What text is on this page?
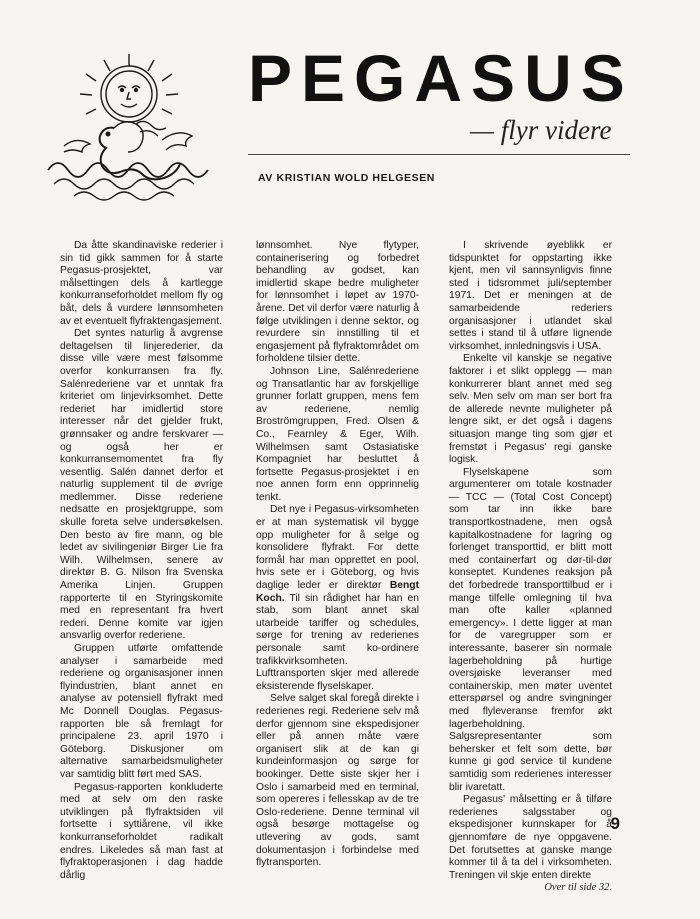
PEGASUS
— flyr videre
AV KRISTIAN WOLD HELGESEN

Da åtte skandinaviske rederier i sin tid gikk sammen for å starte Pegasus-prosjektet, var målsettingen dels å kartlegge konkurranseforholdet mellom fly og båt, dels å vurdere lønnsomheten av et eventuelt flyfraktengasjement.

Det syntes naturlig å avgrense deltagelsen til linjerederier, da disse ville være mest følsomme overfor konkurransen fra fly. Salénrederiene var et unntak fra kriteriet om linjevirksomhet. Dette rederiet har imidlertid store interesser når det gjelder frukt, grønnsaker og andre ferskvarer — og også her er konkurransemomentet fra fly vesentlig. Salén dannet derfor et naturlig supplement til de øvrige medlemmer. Disse rederiene nedsatte en prosjektgruppe, som skulle foreta selve undersøkelsen. Den besto av fire mann, og ble ledet av sivilingeniør Birger Lie fra Wilh. Wilhelmsen, senere av direktør B. G. Nilson fra Svenska Amerika Linjen. Gruppen rapporterte til en Styringskomite med en representant fra hvert rederi. Denne komite var igjen ansvarlig overfor rederiene.

Gruppen utførte omfattende analyser i samarbeide med rederiene og organisasjoner innen flyindustrien, blant annet en analyse av potensiell flyfrakt med Mc Donnell Douglas. Pegasus-rapporten ble så fremlagt for principalene 23. april 1970 i Göteborg. Diskusjoner om alternative samarbeidsmuligheter var samtidig blitt ført med SAS.

Pegasus-rapporten konkluderte med at selv om den raske utviklingen på flyfraktsiden vil fortsette i syttiårene, vil ikke konkurranseforholdet radikalt endres. Likeledes så man fast at flyfraktoperasjonen i dag hadde dårlig

lønnsomhet. Nye flytyper, containerisering og forbedret behandling av godset, kan imidlertid skape bedre muligheter for lønnsomhet i løpet av 1970-årene. Det vil derfor være naturlig å følge utviklingen i denne sektor, og revurdere sin innstilling til et engasjement på flyfraktområdet om forholdene tilsier dette.

Johnson Line, Salénrederiene og Transatlantic har av forskjellige grunner forlatt gruppen, mens fem av rederiene, nemlig Broströmgruppen, Fred. Olsen & Co., Fearnley & Eger, Wilh. Wilhelmsen samt Ostasiatiske Kompagniet har besluttet å fortsette Pegasus-prosjektet i en noe annen form enn opprinnelig tenkt.

Det nye i Pegasus-virksomheten er at man systematisk vil bygge opp muligheter for å selge og konsolidere flyfrakt. For dette formål har man opprettet en pool, hvis sete er i Göteborg, og hvis daglige leder er direktør Bengt Koch. Til sin rådighet har han en stab, som blant annet skal utarbeide tariffer og schedules, sørge for trening av rederienes personale samt ko-ordinere trafikkvirksomheten. Lufttransporten skjer med allerede eksisterende flyselskaper.

Selve salget skal foregå direkte i rederienes regi. Rederiene selv må derfor gjennom sine ekspedisjoner eller på annen måte være organisert slik at de kan gi kundeinformasjon og sørge for bookinger. Dette siste skjer her i Oslo i samarbeid med en terminal, som opereres i fellesskap av de tre Oslo-rederiene. Denne terminal vil også besørge mottagelse og utlevering av gods, samt dokumentasjon i forbindelse med flytransporten.

I skrivende øyeblikk er tidspunktet for oppstarting ikke kjent, men vil sannsynligvis finne sted i tidsrommet juli/september 1971. Det er meningen at de samarbeidende rederiers organisasjoner i utlandet skal settes i stand til å utføre lignende virksomhet, innledningsvis i USA.

Enkelte vil kanskje se negative faktorer i et slikt opplegg — man konkurrerer blant annet med seg selv. Men selv om man ser bort fra de allerede nevnte muligheter på lengre sikt, er det også i dagens situasjon mange ting som gjør et fremstøt i Pegasus' regi ganske logisk.

Flyselskapene som argumenterer om totale kostnader — TCC — (Total Cost Concept) som tar inn ikke bare transportkostnadene, men også kapitalkostnadene for lagring og forlenget transporttid, er blitt mott med containerfart og dør-til-dør konseptet. Kundenes reaksjon på det forbedrede transporttilbud er i mange tilfelle omlegning til hva man ofte kaller «planned emergency». I dette ligger at man for de varegrupper som er interessante, baserer sin normale lagerbeholdning på hurtige oversjøiske leveranser med containerskip, men møter uventet etterspørsel og andre svingninger med flyleveranse fremfor økt lagerbeholdning. Salgsrepresentanter som behersker et felt som dette, bør kunne gi god service til kundene samtidig som rederienes interesser blir ivaretatt.

Pegasus' målsetting er å tilføre rederienes salgsstaber og ekspedisjoner kunnskaper for å gjennomføre de nye oppgavene. Det forutsettes at ganske mange kommer til å ta del i virksomheten. Treningen vil skje enten direkte

Over til side 32.
9
